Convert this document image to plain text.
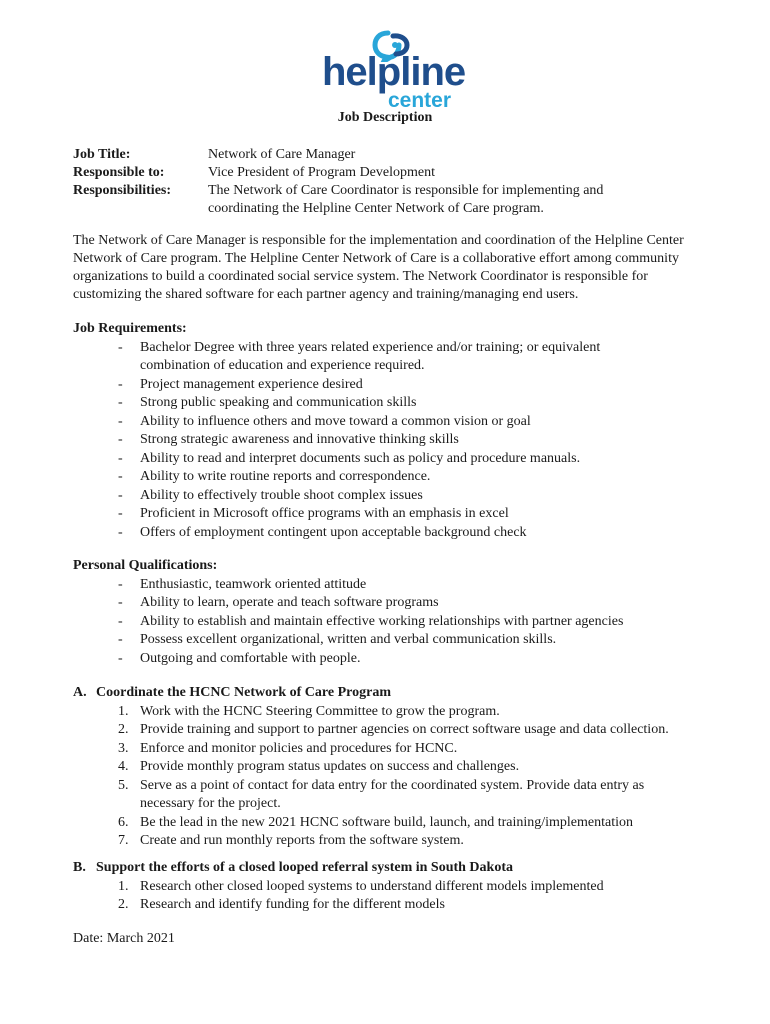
helpline
center
Job Description
Job Title:	Network of Care Manager
Responsible to:	Vice President of Program Development
Responsibilities:	The Network of Care Coordinator is responsible for implementing and coordinating the Helpline Center Network of Care program.
The Network of Care Manager is responsible for the implementation and coordination of the Helpline Center Network of Care program. The Helpline Center Network of Care is a collaborative effort among community organizations to build a coordinated social service system. The Network Coordinator is responsible for customizing the shared software for each partner agency and training/managing end users.
Job Requirements:
- Bachelor Degree with three years related experience and/or training; or equivalent combination of education and experience required.
- Project management experience desired
- Strong public speaking and communication skills
- Ability to influence others and move toward a common vision or goal
- Strong strategic awareness and innovative thinking skills
- Ability to read and interpret documents such as policy and procedure manuals.
- Ability to write routine reports and correspondence.
- Ability to effectively trouble shoot complex issues
- Proficient in Microsoft office programs with an emphasis in excel
- Offers of employment contingent upon acceptable background check
Personal Qualifications:
- Enthusiastic, teamwork oriented attitude
- Ability to learn, operate and teach software programs
- Ability to establish and maintain effective working relationships with partner agencies
- Possess excellent organizational, written and verbal communication skills.
- Outgoing and comfortable with people.
A. Coordinate the HCNC Network of Care Program
1. Work with the HCNC Steering Committee to grow the program.
2. Provide training and support to partner agencies on correct software usage and data collection.
3. Enforce and monitor policies and procedures for HCNC.
4. Provide monthly program status updates on success and challenges.
5. Serve as a point of contact for data entry for the coordinated system. Provide data entry as necessary for the project.
6. Be the lead in the new 2021 HCNC software build, launch, and training/implementation
7. Create and run monthly reports from the software system.
B. Support the efforts of a closed looped referral system in South Dakota
1. Research other closed looped systems to understand different models implemented
2. Research and identify funding for the different models
Date: March 2021
